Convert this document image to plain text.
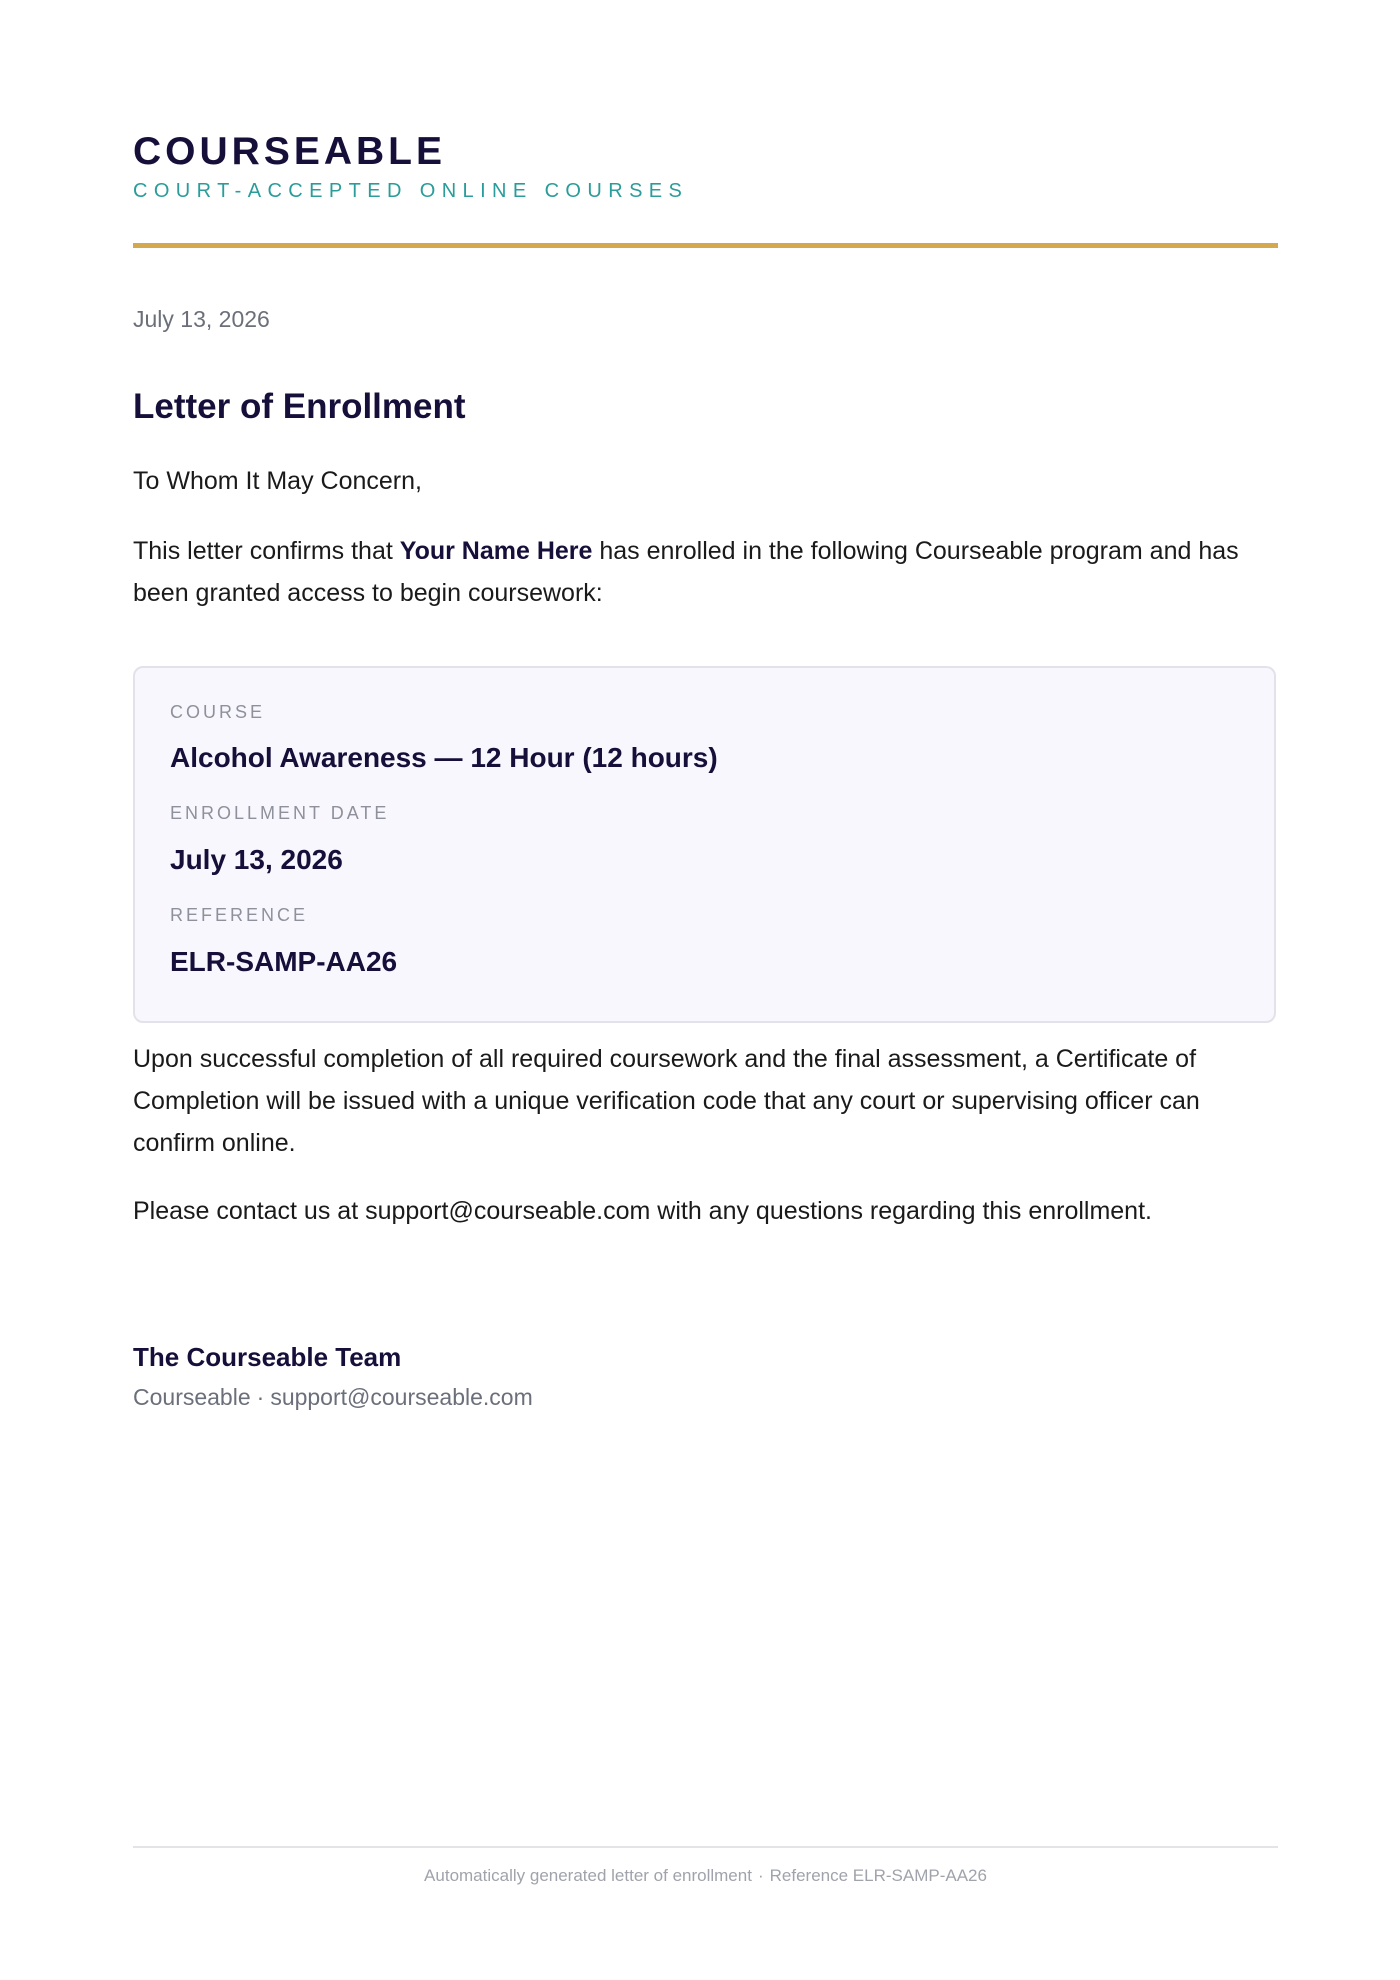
COURSEABLE
COURT-ACCEPTED ONLINE COURSES
July 13, 2026
Letter of Enrollment

To Whom It May Concern,

This letter confirms that Your Name Here has enrolled in the following Courseable program and has been granted access to begin coursework:

COURSE
Alcohol Awareness — 12 Hour (12 hours)
ENROLLMENT DATE
July 13, 2026
REFERENCE
ELR-SAMP-AA26

Upon successful completion of all required coursework and the final assessment, a Certificate of Completion will be issued with a unique verification code that any court or supervising officer can confirm online.

Please contact us at support@courseable.com with any questions regarding this enrollment.

The Courseable Team
Courseable · support@courseable.com
Automatically generated letter of enrollment · Reference ELR-SAMP-AA26
